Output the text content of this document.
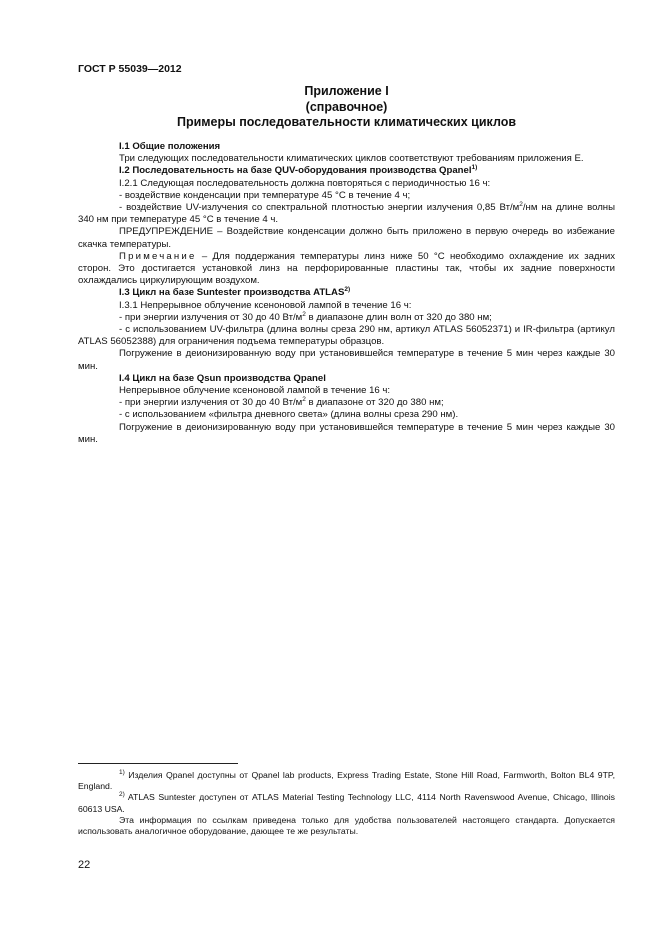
ГОСТ Р 55039—2012
Приложение I
(справочное)
Примеры последовательности климатических циклов

I.1 Общие положения

Три следующих последовательности климатических циклов соответствуют требованиям приложения Е.

I.2 Последовательность на базе QUV-оборудования производства Qpanel$^{1)}$

I.2.1 Следующая последовательность должна повторяться с периодичностью 16 ч:

- воздействие конденсации при температуре 45 °С в течение 4 ч;

- воздействие UV-излучения со спектральной плотностью энергии излучения 0,85 $Вт/м^2/нм$ на длине волны 340 нм при температуре 45 °С в течение 4 ч.

ПРЕДУПРЕЖДЕНИЕ – Воздействие конденсации должно быть приложено в первую очередь во избежание скачка температуры.

Примечание – Для поддержания температуры линз ниже 50 °С необходимо охлаждение их задних сторон. Это достигается установкой линз на перфорированные пластины так, чтобы их задние поверхности охлаждались циркулирующим воздухом.

I.3 Цикл на базе Suntester производства ATLAS$^{2)}$

I.3.1 Непрерывное облучение ксеноновой лампой в течение 16 ч:

- при энергии излучения от 30 до 40 $Вт/м^2$ в диапазоне длин волн от 320 до 380 нм;

- с использованием UV-фильтра (длина волны среза 290 нм, артикул ATLAS 56052371) и IR-фильтра (артикул ATLAS 56052388) для ограничения подъема температуры образцов.

Погружение в деионизированную воду при установившейся температуре в течение 5 мин через каждые 30 мин.

I.4 Цикл на базе Qsun производства Qpanel

Непрерывное облучение ксеноновой лампой в течение 16 ч:

- при энергии излучения от 30 до 40 $Вт/м^2$ в диапазоне от 320 до 380 нм;

- с использованием «фильтра дневного света» (длина волны среза 290 нм).

Погружение в деионизированную воду при установившейся температуре в течение 5 мин через каждые 30 мин.

$^{1)}$ Изделия Qpanel доступны от Qpanel lab products, Express Trading Estate, Stone Hill Road, Farmworth, Bolton BL4 9TP, England.

$^{2)}$ ATLAS Suntester доступен от ATLAS Material Testing Technology LLC, 4114 North Ravenswood Avenue, Chicago, Illinois 60613 USA.

Эта информация по ссылкам приведена только для удобства пользователей настоящего стандарта. Допускается использовать аналогичное оборудование, дающее те же результаты.

22
